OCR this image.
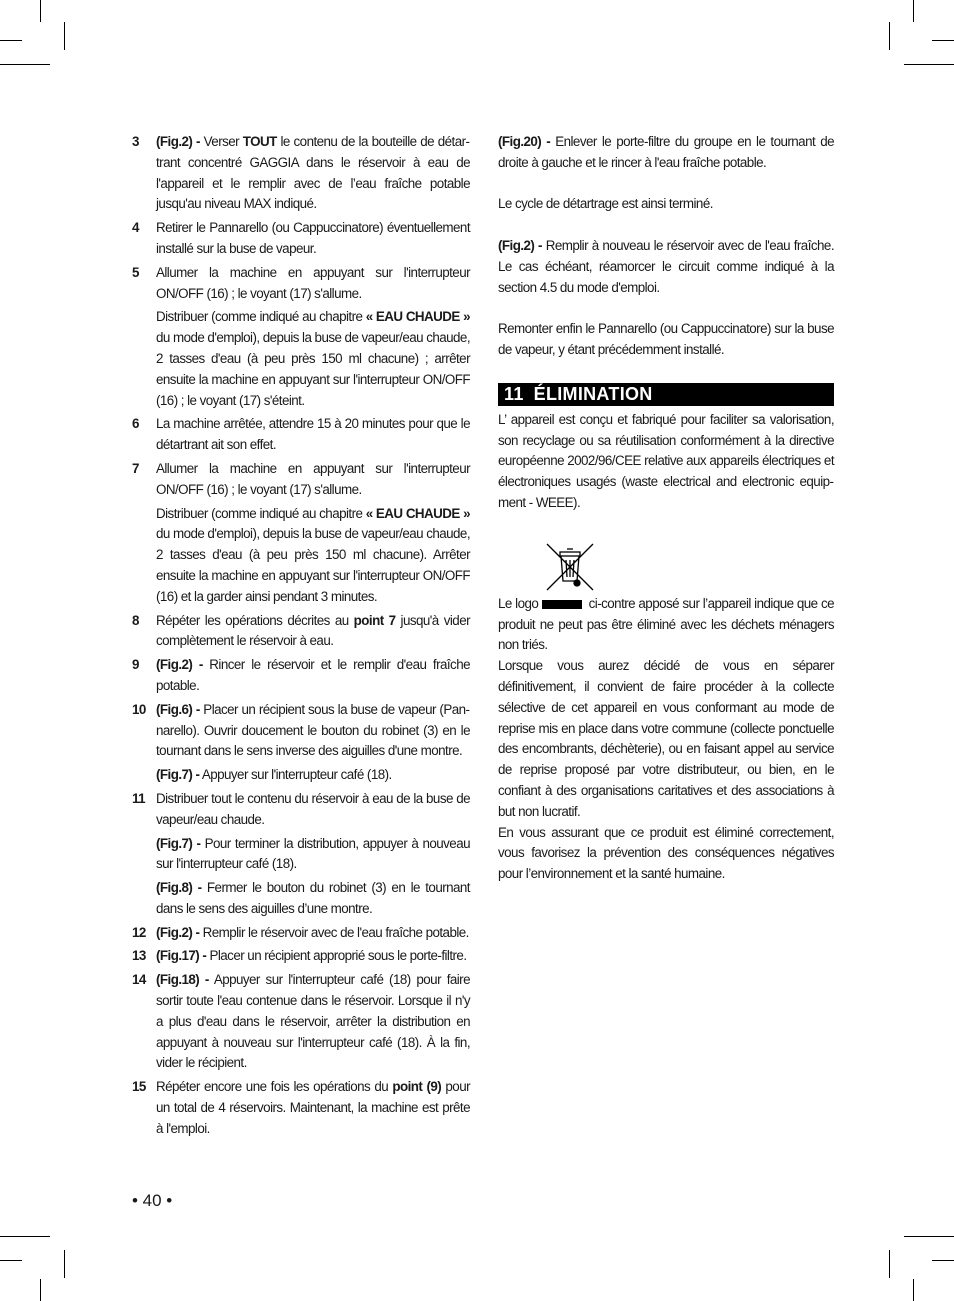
3 (Fig.2) - Verser TOUT le contenu de la bouteille de détartrant concentré GAGGIA dans le réservoir à eau de l'appareil et le remplir avec de l’eau fraîche potable jusqu'au niveau MAX indiqué.

4 Retirer le Pannarello (ou Cappuccinatore) éventuellement installé sur la buse de vapeur.

5 Allumer la machine en appuyant sur l'interrupteur ON/OFF (16) ; le voyant (17) s'allume.

Distribuer (comme indiqué au chapitre « EAU CHAUDE » du mode d'emploi), depuis la buse de vapeur/eau chaude, 2 tasses d'eau (à peu près 150 ml chacune) ; arrêter ensuite la machine en appuyant sur l'interrupteur ON/OFF (16) ; le voyant (17) s'éteint.

6 La machine arrêtée, attendre 15 à 20 minutes pour que le détartrant ait son effet.

7 Allumer la machine en appuyant sur l'interrupteur ON/OFF (16) ; le voyant (17) s'allume.

Distribuer (comme indiqué au chapitre « EAU CHAUDE » du mode d'emploi), depuis la buse de vapeur/eau chaude, 2 tasses d'eau (à peu près 150 ml chacune). Arrêter ensuite la machine en appuyant sur l'interrupteur ON/OFF (16) et la garder ainsi pendant 3 minutes.

8 Répéter les opérations décrites au point 7 jusqu'à vider complètement le réservoir à eau.

9 (Fig.2) - Rincer le réservoir et le remplir d'eau fraîche potable.

10 (Fig.6) - Placer un récipient sous la buse de vapeur (Pannarello). Ouvrir doucement le bouton du robinet (3) en le tournant dans le sens inverse des aiguilles d'une montre.

(Fig.7) - Appuyer sur l'interrupteur café (18).

11 Distribuer tout le contenu du réservoir à eau de la buse de vapeur/eau chaude.

(Fig.7) - Pour terminer la distribution, appuyer à nouveau sur l'interrupteur café (18).

(Fig.8) - Fermer le bouton du robinet (3) en le tournant dans le sens des aiguilles d’une montre.

12 (Fig.2) - Remplir le réservoir avec de l'eau fraîche potable.

13 (Fig.17) - Placer un récipient approprié sous le porte-filtre.

14 (Fig.18) - Appuyer sur l'interrupteur café (18) pour faire sortir toute l'eau contenue dans le réservoir. Lorsque il n'y a plus d'eau dans le réservoir, arrêter la distribution en appuyant à nouveau sur l'interrupteur café (18). À la fin, vider le récipient.

15 Répéter encore une fois les opérations du point (9) pour un total de 4 réservoirs. Maintenant, la machine est prête à l'emploi.

(Fig.20) - Enlever le porte-filtre du groupe en le tournant de droite à gauche et le rincer à l'eau fraîche potable.

Le cycle de détartrage est ainsi terminé.

(Fig.2) - Remplir à nouveau le réservoir avec de l'eau fraîche. Le cas échéant, réamorcer le circuit comme indiqué à la section 4.5 du mode d'emploi.

Remonter enfin le Pannarello (ou Cappuccinatore) sur la buse de vapeur, y étant précédemment installé.

11 ÉLIMINATION

L’ appareil est conçu et fabriqué pour faciliter sa valorisation, son recyclage ou sa réutilisation conformément à la directive européenne 2002/96/CEE relative aux appareils électriques et électroniques usagés (waste electrical and electronic equipment - WEEE).

Le logo	ci-contre apposé sur l’appareil indique que ce produit ne peut pas être éliminé avec les déchets ménagers non triés.

Lorsque vous aurez décidé de vous en séparer définitivement, il convient de faire procéder à la collecte sélective de cet appareil en vous conformant au mode de reprise mis en place dans votre commune (collecte ponctuelle des encombrants, déchèterie), ou en faisant appel au service de reprise proposé par votre distributeur, ou bien, en le confiant à des organisations caritatives et des associations à but non lucratif.

En vous assurant que ce produit est éliminé correctement, vous favorisez la prévention des conséquences négatives pour l’environnement et la santé humaine.

• 40 •
